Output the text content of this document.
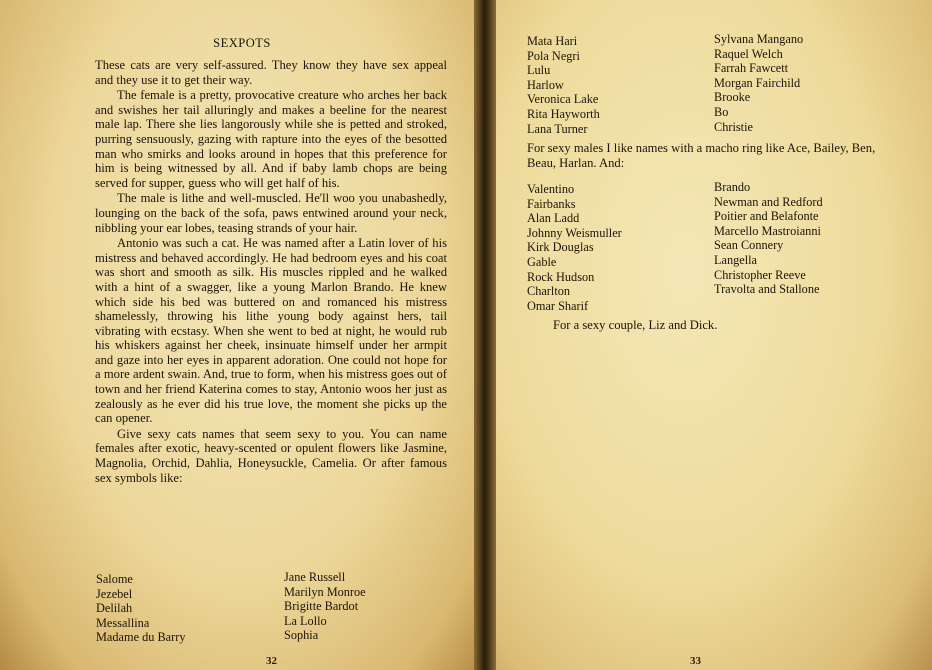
SEXPOTS

These cats are very self-assured. They know they have sex appeal and they use it to get their way.

The female is a pretty, provocative creature who arches her back and swishes her tail alluringly and makes a beeline for the nearest male lap. There she lies langorously while she is petted and stroked, purring sensuously, gazing with rapture into the eyes of the besotted man who smirks and looks around in hopes that this preference for him is being witnessed by all. And if baby lamb chops are being served for supper, guess who will get half of his.

The male is lithe and well-muscled. He'll woo you unabashedly, lounging on the back of the sofa, paws entwined around your neck, nibbling your ear lobes, teasing strands of your hair.

Antonio was such a cat. He was named after a Latin lover of his mistress and behaved accordingly. He had bedroom eyes and his coat was short and smooth as silk. His muscles rippled and he walked with a hint of a swagger, like a young Marlon Brando. He knew which side his bed was buttered on and romanced his mistress shamelessly, throwing his lithe young body against hers, tail vibrating with ecstasy. When she went to bed at night, he would rub his whiskers against her cheek, insinuate himself under her armpit and gaze into her eyes in apparent adoration. One could not hope for a more ardent swain. And, true to form, when his mistress goes out of town and her friend Katerina comes to stay, Antonio woos her just as zealously as he ever did his true love, the moment she picks up the can opener.

Give sexy cats names that seem sexy to you. You can name females after exotic, heavy-scented or opulent flowers like Jasmine, Magnolia, Orchid, Dahlia, Honeysuckle, Camelia. Or after famous sex symbols like:

Salome
Jezebel
Delilah
Messallina
Madame du Barry
Jane Russell
Marilyn Monroe
Brigitte Bardot
La Lollo
Sophia
32
Mata Hari
Pola Negri
Lulu
Harlow
Veronica Lake
Rita Hayworth
Lana Turner
Sylvana Mangano
Raquel Welch
Farrah Fawcett
Morgan Fairchild
Brooke
Bo
Christie
For sexy males I like names with a macho ring like Ace, Bailey, Ben, Beau, Harlan. And:
Valentino
Fairbanks
Alan Ladd
Johnny Weismuller
Kirk Douglas
Gable
Rock Hudson
Charlton
Omar Sharif
Brando
Newman and Redford
Poitier and Belafonte
Marcello Mastroianni
Sean Connery
Langella
Christopher Reeve
Travolta and Stallone
For a sexy couple, Liz and Dick.
33
